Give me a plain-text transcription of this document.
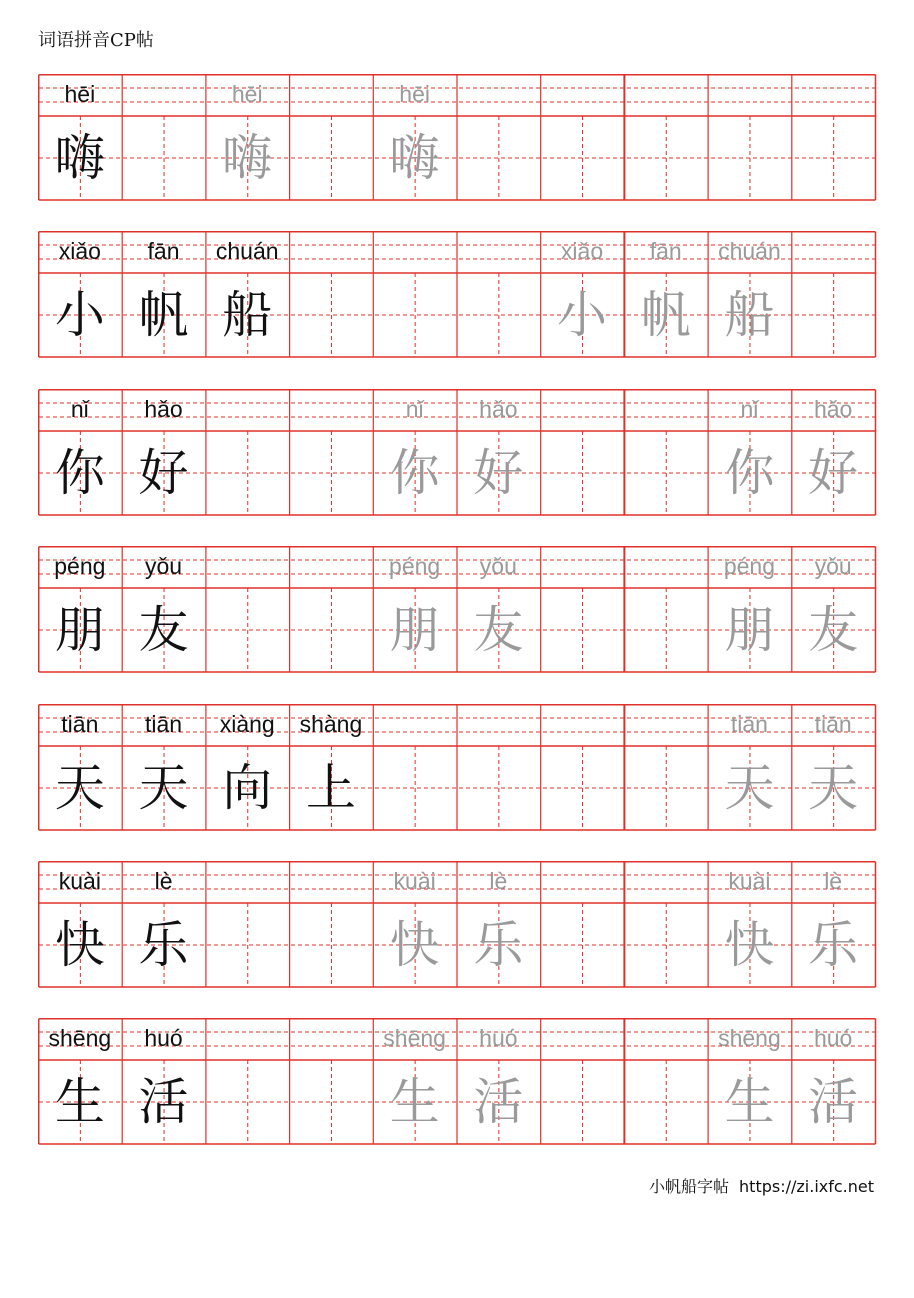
词语拼音CP帖
hēi
嗨
hēi
嗨
hēi
嗨
xiǎo
小
fān
帆
chuán
船
xiǎo
小
fān
帆
chuán
船
nǐ
你
hǎo
好
nǐ
你
hǎo
好
nǐ
你
hǎo
好
péng
朋
yǒu
友
péng
朋
yǒu
友
péng
朋
yǒu
友
tiān
天
tiān
天
xiàng
向
shàng
上
tiān
天
tiān
天
kuài
快
lè
乐
kuài
快
lè
乐
kuài
快
lè
乐
shēng
生
huó
活
shēng
生
huó
活
shēng
生
huó
活
小帆船字帖 https://zi.ixfc.net
